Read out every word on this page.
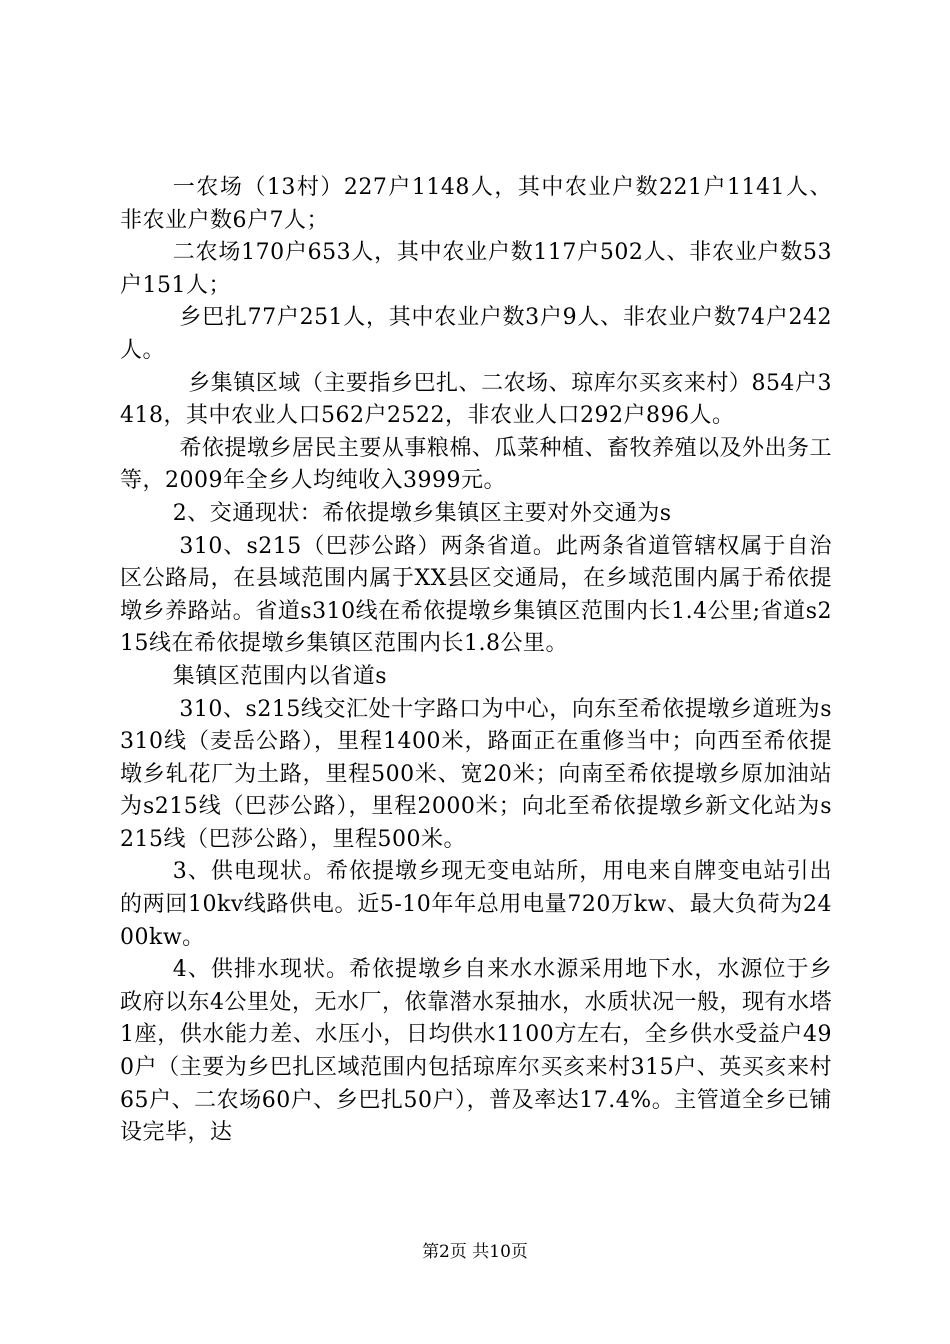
一农场（13村）227户1148人，其中农业户数221户1141人、非农业户数6户7人；

二农场170户653人，其中农业户数117户502人、非农业户数53户151人；

乡巴扎77户251人，其中农业户数3户9人、非农业户数74户242人。

乡集镇区域（主要指乡巴扎、二农场、琼库尔买亥来村）854户3418，其中农业人口562户2522，非农业人口292户896人。

希依提墩乡居民主要从事粮棉、瓜菜种植、畜牧养殖以及外出务工等，2009年全乡人均纯收入3999元。

2、交通现状：希依提墩乡集镇区主要对外交通为s

310、s215（巴莎公路）两条省道。此两条省道管辖权属于自治区公路局，在县域范围内属于XX县区交通局，在乡域范围内属于希依提墩乡养路站。省道s310线在希依提墩乡集镇区范围内长1.4公里;省道s215线在希依提墩乡集镇区范围内长1.8公里。

集镇区范围内以省道s

310、s215线交汇处十字路口为中心，向东至希依提墩乡道班为s310线（麦岳公路），里程1400米，路面正在重修当中；向西至希依提墩乡轧花厂为土路，里程500米、宽20米；向南至希依提墩乡原加油站为s215线（巴莎公路），里程2000米；向北至希依提墩乡新文化站为s215线（巴莎公路），里程500米。

3、供电现状。希依提墩乡现无变电站所，用电来自牌变电站引出的两回10kv线路供电。近5-10年年总用电量720万kw、最大负荷为2400kw。

4、供排水现状。希依提墩乡自来水水源采用地下水，水源位于乡政府以东4公里处，无水厂，依靠潜水泵抽水，水质状况一般，现有水塔1座，供水能力差、水压小，日均供水1100方左右，全乡供水受益户490户（主要为乡巴扎区域范围内包括琼库尔买亥来村315户、英买亥来村65户、二农场60户、乡巴扎50户），普及率达17.4%。主管道全乡已铺设完毕，达

第2页 共10页
